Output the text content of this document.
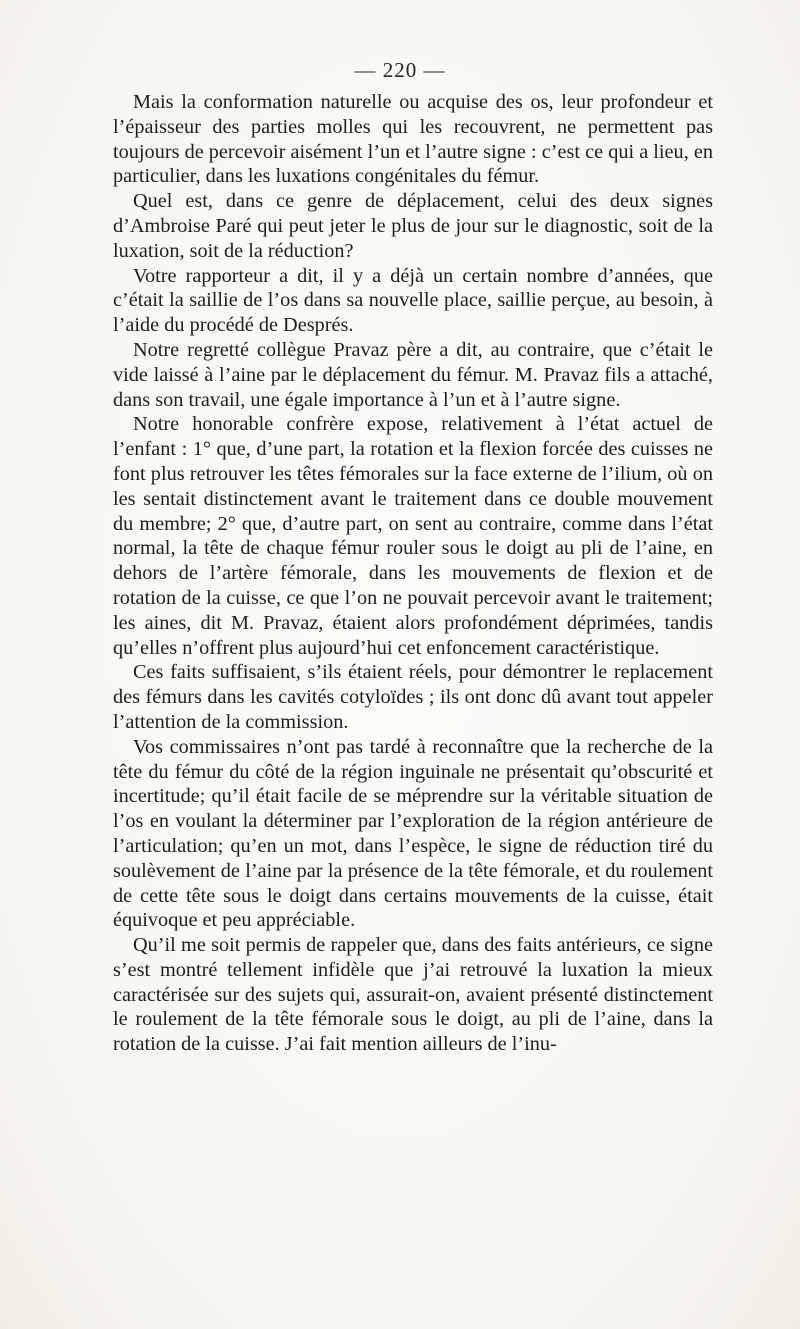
— 220 —

Mais la conformation naturelle ou acquise des os, leur profondeur et l’épaisseur des parties molles qui les recouvrent, ne permettent pas toujours de percevoir aisément l’un et l’autre signe : c’est ce qui a lieu, en particulier, dans les luxations congénitales du fémur.

Quel est, dans ce genre de déplacement, celui des deux signes d’Ambroise Paré qui peut jeter le plus de jour sur le diagnostic, soit de la luxation, soit de la réduction?

Votre rapporteur a dit, il y a déjà un certain nombre d’années, que c’était la saillie de l’os dans sa nouvelle place, saillie perçue, au besoin, à l’aide du procédé de Després.

Notre regretté collègue Pravaz père a dit, au contraire, que c’était le vide laissé à l’aine par le déplacement du fémur. M. Pravaz fils a attaché, dans son travail, une égale importance à l’un et à l’autre signe.

Notre honorable confrère expose, relativement à l’état actuel de l’enfant : 1° que, d’une part, la rotation et la flexion forcée des cuisses ne font plus retrouver les têtes fémorales sur la face externe de l’ilium, où on les sentait distinctement avant le traitement dans ce double mouvement du membre; 2° que, d’autre part, on sent au contraire, comme dans l’état normal, la tête de chaque fémur rouler sous le doigt au pli de l’aine, en dehors de l’artère fémorale, dans les mouvements de flexion et de rotation de la cuisse, ce que l’on ne pouvait percevoir avant le traitement; les aines, dit M. Pravaz, étaient alors profondément déprimées, tandis qu’elles n’offrent plus aujourd’hui cet enfoncement caractéristique.

Ces faits suffisaient, s’ils étaient réels, pour démontrer le replacement des fémurs dans les cavités cotyloïdes ; ils ont donc dû avant tout appeler l’attention de la commission.

Vos commissaires n’ont pas tardé à reconnaître que la recherche de la tête du fémur du côté de la région inguinale ne présentait qu’obscurité et incertitude; qu’il était facile de se méprendre sur la véritable situation de l’os en voulant la déterminer par l’exploration de la région antérieure de l’articulation; qu’en un mot, dans l’espèce, le signe de réduction tiré du soulèvement de l’aine par la présence de la tête fémorale, et du roulement de cette tête sous le doigt dans certains mouvements de la cuisse, était équivoque et peu appréciable.

Qu’il me soit permis de rappeler que, dans des faits antérieurs, ce signe s’est montré tellement infidèle que j’ai retrouvé la luxation la mieux caractérisée sur des sujets qui, assurait-on, avaient présenté distinctement le roulement de la tête fémorale sous le doigt, au pli de l’aine, dans la rotation de la cuisse. J’ai fait mention ailleurs de l’inu-
